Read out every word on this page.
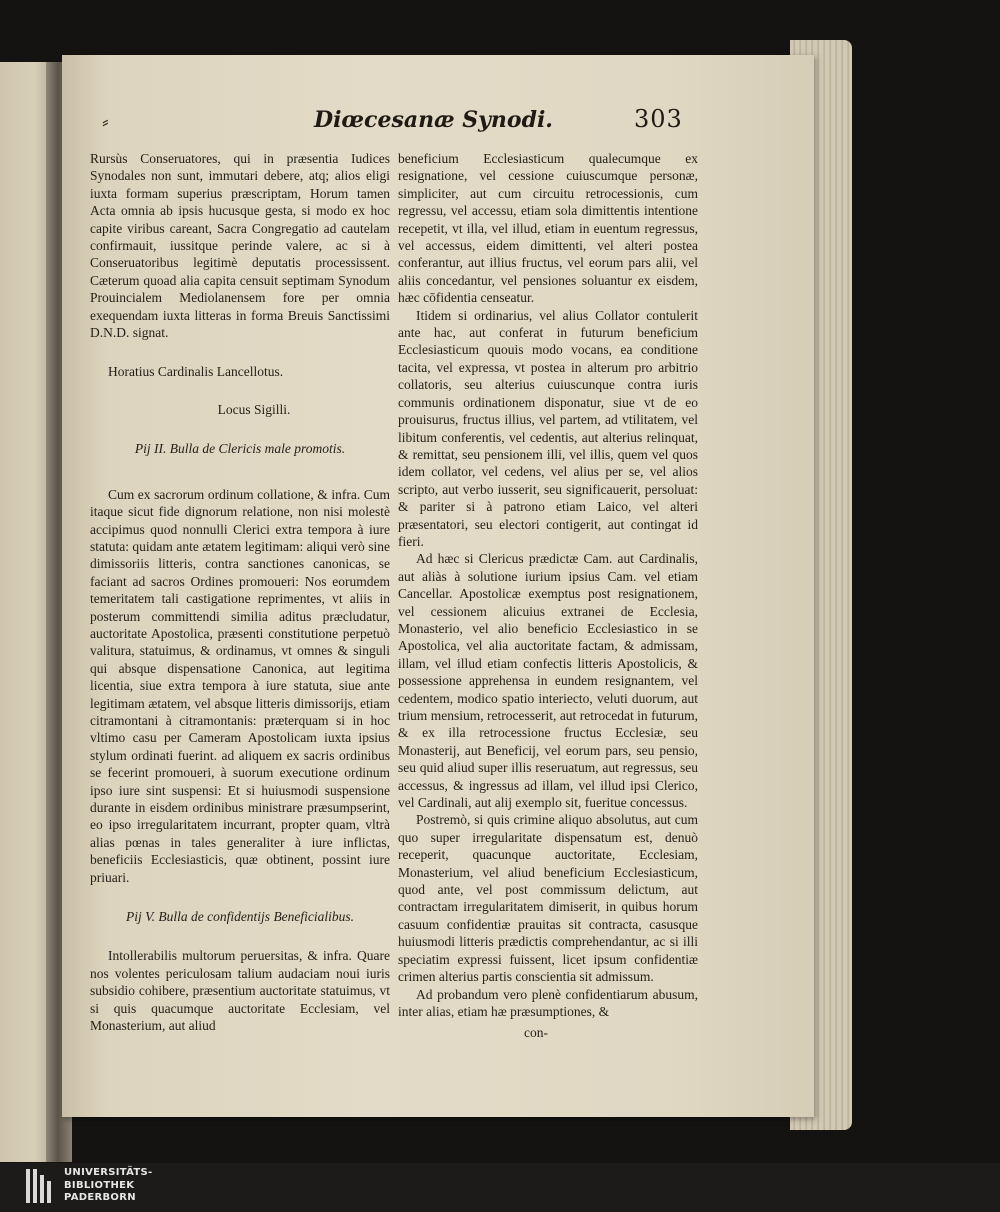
⸗	Diœcesanæ Synodi.	303

Rursùs Conseruatores, qui in præsentia Iudices Synodales non sunt, immutari debere, atq; alios eligi iuxta formam superius præscriptam, Horum tamen Acta omnia ab ipsis hucusque gesta, si modo ex hoc capite viribus careant, Sacra Congregatio ad cautelam confirmauit, iussitque perinde valere, ac si à Conseruatoribus legitimè deputatis processissent. Cæterum quoad alia capita censuit septimam Synodum Prouincialem Mediolanensem fore per omnia exequendam iuxta litteras in forma Breuis Sanctissimi D.N.D. signat.

Horatius Cardinalis Lancellotus.

Locus Sigilli.

Pij II. Bulla de Clericis male promotis.

Cum ex sacrorum ordinum collatione, & infra. Cum itaque sicut fide dignorum relatione, non nisi molestè accipimus quod nonnulli Clerici extra tempora à iure statuta: quidam ante ætatem legitimam: aliqui verò sine dimissoriis litteris, contra sanctiones canonicas, se faciant ad sacros Ordines promoueri: Nos eorumdem temeritatem tali castigatione reprimentes, vt aliis in posterum committendi similia aditus præcludatur, auctoritate Apostolica, præsenti constitutione perpetuò valitura, statuimus, & ordinamus, vt omnes & singuli qui absque dispensatione Canonica, aut legitima licentia, siue extra tempora à iure statuta, siue ante legitimam ætatem, vel absque litteris dimissorijs, etiam citramontani à citramontanis: præterquam si in hoc vltimo casu per Cameram Apostolicam iuxta ipsius stylum ordinati fuerint. ad aliquem ex sacris ordinibus se fecerint promoueri, à suorum executione ordinum ipso iure sint suspensi: Et si huiusmodi suspensione durante in eisdem ordinibus ministrare præsumpserint, eo ipso irregularitatem incurrant, propter quam, vltrà alias pœnas in tales generaliter à iure inflictas, beneficiis Ecclesiasticis, quæ obtinent, possint iure priuari.

Pij V. Bulla de confidentijs Beneficialibus.

Intollerabilis multorum peruersitas, & infra. Quare nos volentes periculosam talium audaciam noui iuris subsidio cohibere, præsentium auctoritate statuimus, vt si quis quacumque auctoritate Ecclesiam, vel Monasterium, aut aliud

beneficium Ecclesiasticum qualecumque ex resignatione, vel cessione cuiuscumque personæ, simpliciter, aut cum circuitu retrocessionis, cum regressu, vel accessu, etiam sola dimittentis intentione recepetit, vt illa, vel illud, etiam in euentum regressus, vel accessus, eidem dimittenti, vel alteri postea conferantur, aut illius fructus, vel eorum pars alii, vel aliis concedantur, vel pensiones soluantur ex eisdem, hæc cōfidentia censeatur.

Itidem si ordinarius, vel alius Collator contulerit ante hac, aut conferat in futurum beneficium Ecclesiasticum quouis modo vocans, ea conditione tacita, vel expressa, vt postea in alterum pro arbitrio collatoris, seu alterius cuiuscunque contra iuris communis ordinationem disponatur, siue vt de eo prouisurus, fructus illius, vel partem, ad vtilitatem, vel libitum conferentis, vel cedentis, aut alterius relinquat, & remittat, seu pensionem illi, vel illis, quem vel quos idem collator, vel cedens, vel alius per se, vel alios scripto, aut verbo iusserit, seu significauerit, persoluat: & pariter si à patrono etiam Laico, vel alteri præsentatori, seu electori contigerit, aut contingat id fieri.

Ad hæc si Clericus prædictæ Cam. aut Cardinalis, aut aliàs à solutione iurium ipsius Cam. vel etiam Cancellar. Apostolicæ exemptus post resignationem, vel cessionem alicuius extranei de Ecclesia, Monasterio, vel alio beneficio Ecclesiastico in se Apostolica, vel alia auctoritate factam, & admissam, illam, vel illud etiam confectis litteris Apostolicis, & possessione apprehensa in eundem resignantem, vel cedentem, modico spatio interiecto, veluti duorum, aut trium mensium, retrocesserit, aut retrocedat in futurum, & ex illa retrocessione fructus Ecclesiæ, seu Monasterij, aut Beneficij, vel eorum pars, seu pensio, seu quid aliud super illis reseruatum, aut regressus, seu accessus, & ingressus ad illam, vel illud ipsi Clerico, vel Cardinali, aut alij exemplo sit, fueritue concessus.

Postremò, si quis crimine aliquo absolutus, aut cum quo super irregularitate dispensatum est, denuò receperit, quacunque auctoritate, Ecclesiam, Monasterium, vel aliud beneficium Ecclesiasticum, quod ante, vel post commissum delictum, aut contractam irregularitatem dimiserit, in quibus horum casuum confidentiæ prauitas sit contracta, casusque huiusmodi litteris prædictis comprehendantur, ac si illi speciatim expressi fuissent, licet ipsum confidentiæ crimen alterius partis conscientia sit admissum.

Ad probandum vero plenè confidentiarum abusum, inter alias, etiam hæ præsumptiones, &

con-

UNIVERSITÄTS-
BIBLIOTHEK
PADERBORN
